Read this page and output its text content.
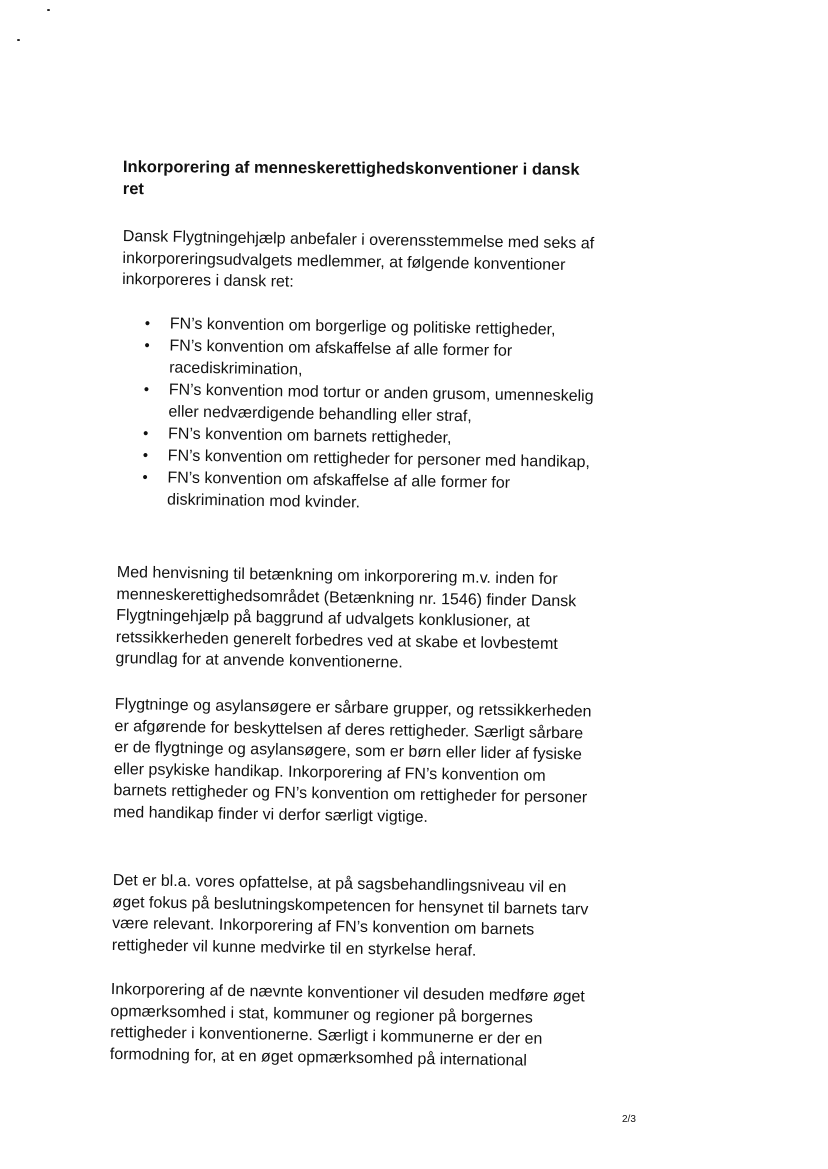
Inkorporering af menneskerettighedskonventioner i dansk ret

Dansk Flygtningehjælp anbefaler i overensstemmelse med seks af inkorporeringsudvalgets medlemmer, at følgende konventioner inkorporeres i dansk ret:

• FN’s konvention om borgerlige og politiske rettigheder,
• FN’s konvention om afskaffelse af alle former for racediskrimination,
• FN’s konvention mod tortur or anden grusom, umenneskelig eller nedværdigende behandling eller straf,
• FN’s konvention om barnets rettigheder,
• FN’s konvention om rettigheder for personer med handikap,
• FN’s konvention om afskaffelse af alle former for diskrimination mod kvinder.

Med henvisning til betænkning om inkorporering m.v. inden for menneskerettighedsområdet (Betænkning nr. 1546) finder Dansk Flygtningehjælp på baggrund af udvalgets konklusioner, at retssikkerheden generelt forbedres ved at skabe et lovbestemt grundlag for at anvende konventionerne.

Flygtninge og asylansøgere er sårbare grupper, og retssikkerheden er afgørende for beskyttelsen af deres rettigheder. Særligt sårbare er de flygtninge og asylansøgere, som er børn eller lider af fysiske eller psykiske handikap. Inkorporering af FN’s konvention om barnets rettigheder og FN’s konvention om rettigheder for personer med handikap finder vi derfor særligt vigtige.

Det er bl.a. vores opfattelse, at på sagsbehandlingsniveau vil en øget fokus på beslutningskompetencen for hensynet til barnets tarv være relevant. Inkorporering af FN’s konvention om barnets rettigheder vil kunne medvirke til en styrkelse heraf.

Inkorporering af de nævnte konventioner vil desuden medføre øget opmærksomhed i stat, kommuner og regioner på borgernes rettigheder i konventionerne. Særligt i kommunerne er der en formodning for, at en øget opmærksomhed på international

2/3
